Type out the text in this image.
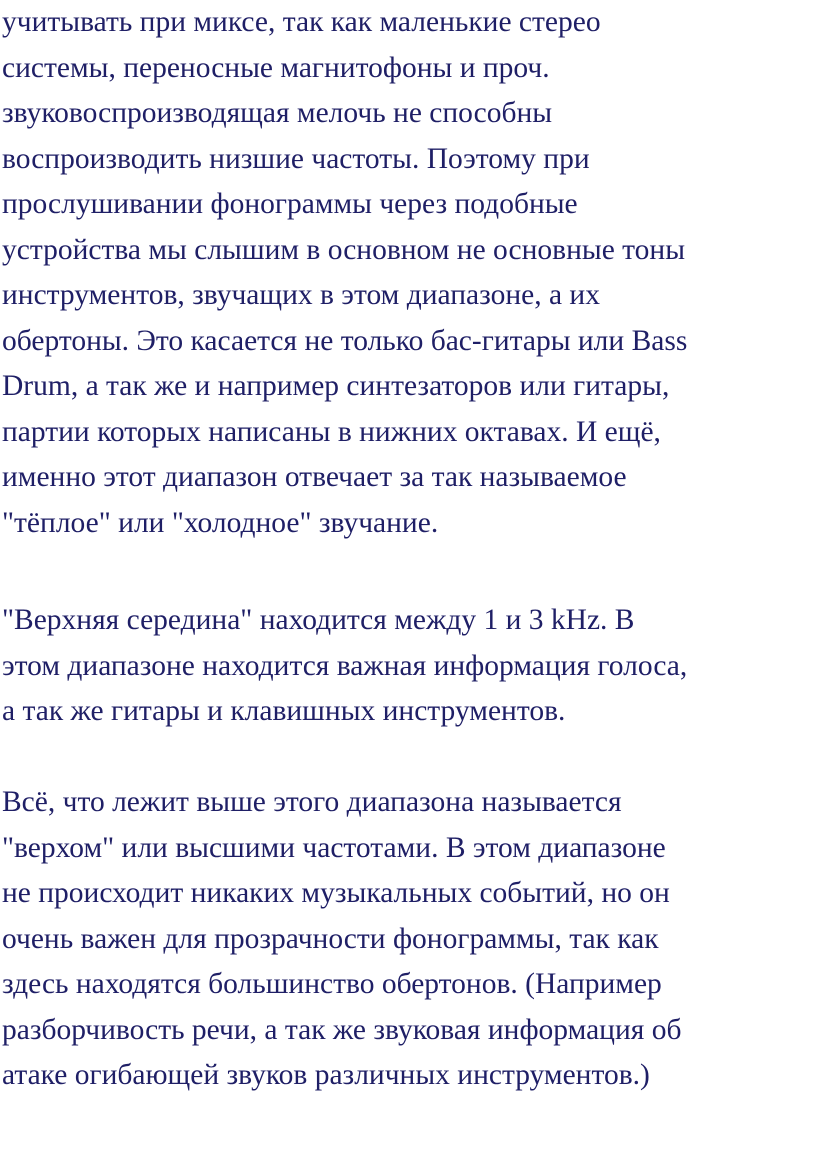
учитывать при миксе, так как маленькие стерео
системы, переносные магнитофоны и проч.
звуковоспроизводящая мелочь не способны
воспроизводить низшие частоты. Поэтому при
прослушивании фонограммы через подобные
устройства мы слышим в основном не основные тоны
инструментов, звучащих в этом диапазоне, а их
обертоны. Это касается не только бас-гитары или Bass
Drum, а так же и например синтезаторов или гитары,
партии которых написаны в нижних октавах. И ещё,
именно этот диапазон отвечает за так называемое
"тёплое" или "холодное" звучание.

"Верхняя середина" находится между 1 и 3 kHz. В
этом диапазоне находится важная информация голоса,
а так же гитары и клавишных инструментов.

Всё, что лежит выше этого диапазона называется
"верхом" или высшими частотами. В этом диапазоне
не происходит никаких музыкальных событий, но он
очень важен для прозрачности фонограммы, так как
здесь находятся большинство обертонов. (Например
разборчивость речи, а так же звуковая информация об
атаке огибающей звуков различных инструментов.)
